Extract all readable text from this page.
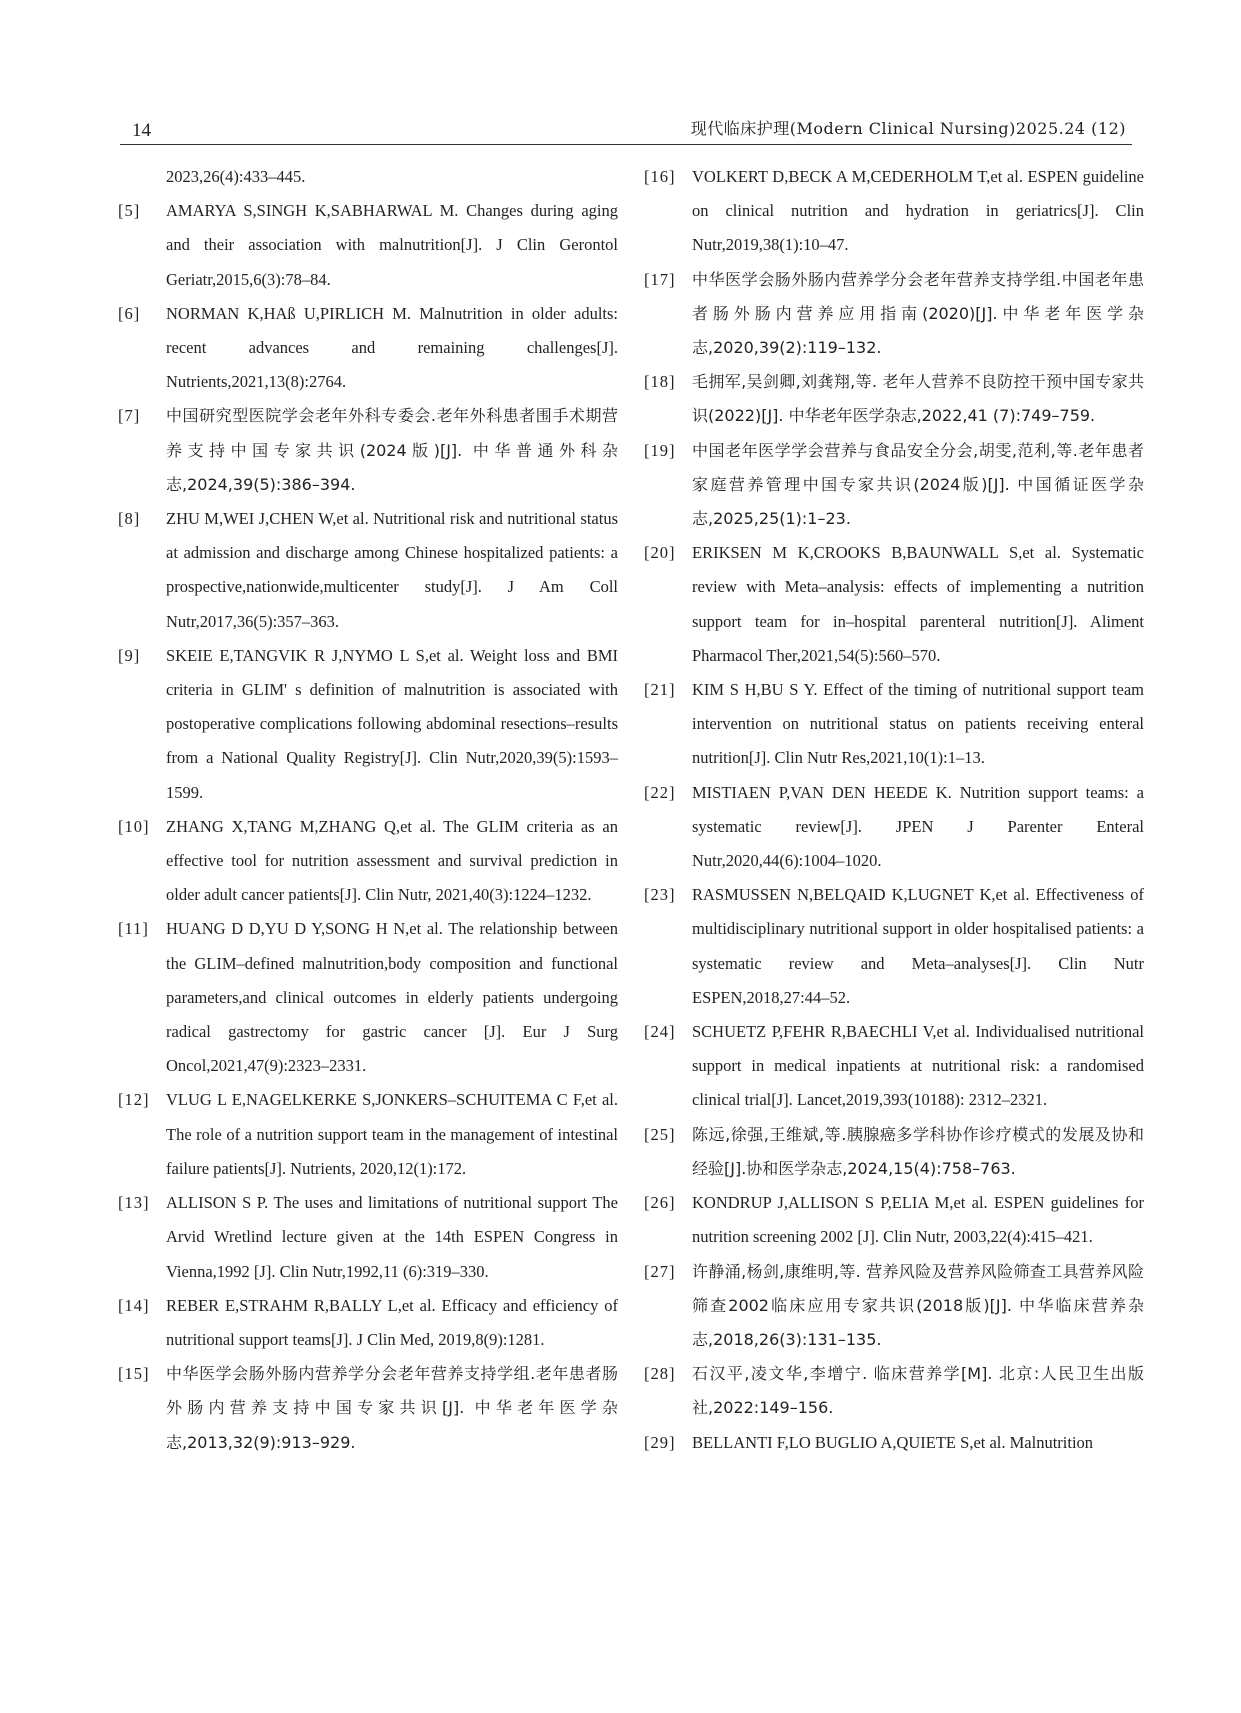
14	现代临床护理(Modern Clinical Nursing)2025.24 (12)
2023,26(4):433–445.
[5]	AMARYA S,SINGH K,SABHARWAL M. Changes during aging and their association with malnutrition[J]. J Clin Gerontol Geriatr,2015,6(3):78–84.
[6]	NORMAN K,HAß U,PIRLICH M. Malnutrition in older adults: recent advances and remaining challenges[J]. Nutrients,2021,13(8):2764.
[7]	中国研究型医院学会老年外科专委会.老年外科患者围手术期营养支持中国专家共识(2024版)[J]. 中华普通外科杂志,2024,39(5):386–394.
[8]	ZHU M,WEI J,CHEN W,et al. Nutritional risk and nutritional status at admission and discharge among Chinese hospitalized patients: a prospective,nationwide,multicenter study[J]. J Am Coll Nutr,2017,36(5):357–363.
[9]	SKEIE E,TANGVIK R J,NYMO L S,et al. Weight loss and BMI criteria in GLIM' s definition of malnutrition is associated with postoperative complications following abdominal resections–results from a National Quality Registry[J]. Clin Nutr,2020,39(5):1593–1599.
[10]	ZHANG X,TANG M,ZHANG Q,et al. The GLIM criteria as an effective tool for nutrition assessment and survival prediction in older adult cancer patients[J]. Clin Nutr, 2021,40(3):1224–1232.
[11]	HUANG D D,YU D Y,SONG H N,et al. The relationship between the GLIM–defined malnutrition,body composition and functional parameters,and clinical outcomes in elderly patients undergoing radical gastrectomy for gastric cancer [J]. Eur J Surg Oncol,2021,47(9):2323–2331.
[12]	VLUG L E,NAGELKERKE S,JONKERS–SCHUITEMA C F,et al. The role of a nutrition support team in the management of intestinal failure patients[J]. Nutrients, 2020,12(1):172.
[13]	ALLISON S P. The uses and limitations of nutritional support The Arvid Wretlind lecture given at the 14th ESPEN Congress in Vienna,1992 [J]. Clin Nutr,1992,11 (6):319–330.
[14]	REBER E,STRAHM R,BALLY L,et al. Efficacy and efficiency of nutritional support teams[J]. J Clin Med, 2019,8(9):1281.
[15]	中华医学会肠外肠内营养学分会老年营养支持学组.老年患者肠外肠内营养支持中国专家共识[J]. 中华老年医学杂志,2013,32(9):913–929.
[16]	VOLKERT D,BECK A M,CEDERHOLM T,et al. ESPEN guideline on clinical nutrition and hydration in geriatrics[J]. Clin Nutr,2019,38(1):10–47.
[17]	中华医学会肠外肠内营养学分会老年营养支持学组.中国老年患者肠外肠内营养应用指南(2020)[J].中华老年医学杂志,2020,39(2):119–132.
[18]	毛拥军,吴剑卿,刘龚翔,等. 老年人营养不良防控干预中国专家共识(2022)[J]. 中华老年医学杂志,2022,41 (7):749–759.
[19]	中国老年医学学会营养与食品安全分会,胡雯,范利,等.老年患者家庭营养管理中国专家共识(2024版)[J]. 中国循证医学杂志,2025,25(1):1–23.
[20]	ERIKSEN M K,CROOKS B,BAUNWALL S,et al. Systematic review with Meta–analysis: effects of implementing a nutrition support team for in–hospital parenteral nutrition[J]. Aliment Pharmacol Ther,2021,54(5):560–570.
[21]	KIM S H,BU S Y. Effect of the timing of nutritional support team intervention on nutritional status on patients receiving enteral nutrition[J]. Clin Nutr Res,2021,10(1):1–13.
[22]	MISTIAEN P,VAN DEN HEEDE K. Nutrition support teams: a systematic review[J]. JPEN J Parenter Enteral Nutr,2020,44(6):1004–1020.
[23]	RASMUSSEN N,BELQAID K,LUGNET K,et al. Effectiveness of multidisciplinary nutritional support in older hospitalised patients: a systematic review and Meta–analyses[J]. Clin Nutr ESPEN,2018,27:44–52.
[24]	SCHUETZ P,FEHR R,BAECHLI V,et al. Individualised nutritional support in medical inpatients at nutritional risk: a randomised clinical trial[J]. Lancet,2019,393(10188): 2312–2321.
[25]	陈远,徐强,王维斌,等.胰腺癌多学科协作诊疗模式的发展及协和经验[J].协和医学杂志,2024,15(4):758–763.
[26]	KONDRUP J,ALLISON S P,ELIA M,et al. ESPEN guidelines for nutrition screening 2002 [J]. Clin Nutr, 2003,22(4):415–421.
[27]	许静涌,杨剑,康维明,等. 营养风险及营养风险筛查工具营养风险筛查2002临床应用专家共识(2018版)[J]. 中华临床营养杂志,2018,26(3):131–135.
[28]	石汉平,凌文华,李增宁. 临床营养学[M]. 北京:人民卫生出版社,2022:149–156.
[29]	BELLANTI F,LO BUGLIO A,QUIETE S,et al. Malnutrition
